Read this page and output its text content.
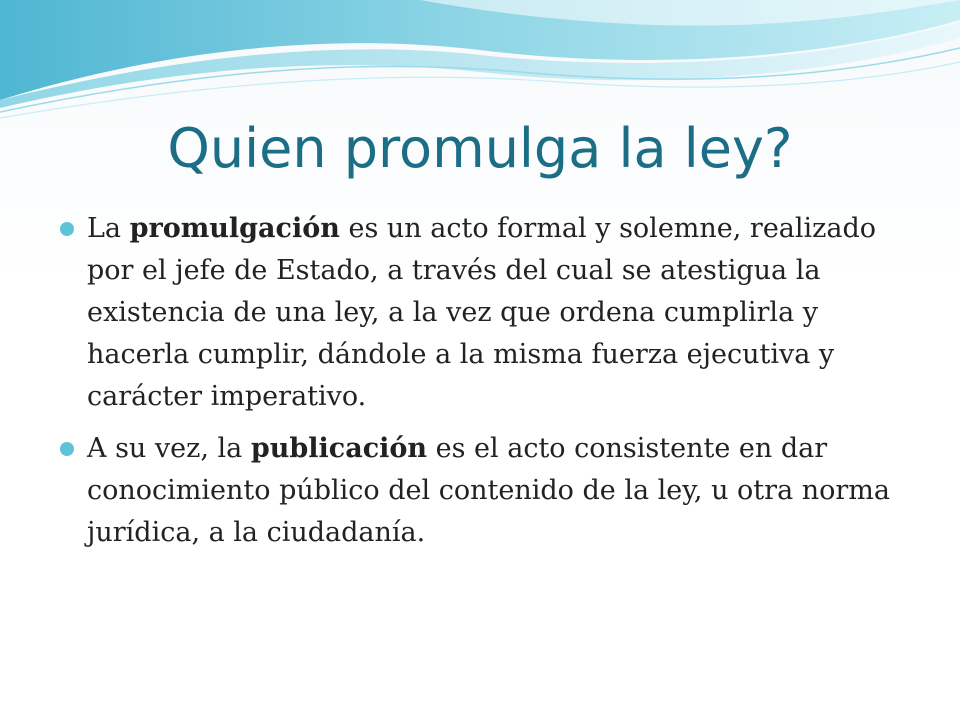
Quien promulga la ley?
La promulgación es un acto formal y solemne, realizado por el jefe de Estado, a través del cual se atestigua la existencia de una ley, a la vez que ordena cumplirla y hacerla cumplir, dándole a la misma fuerza ejecutiva y carácter imperativo.
A su vez, la publicación es el acto consistente en dar conocimiento público del contenido de la ley, u otra norma jurídica, a la ciudadanía.
